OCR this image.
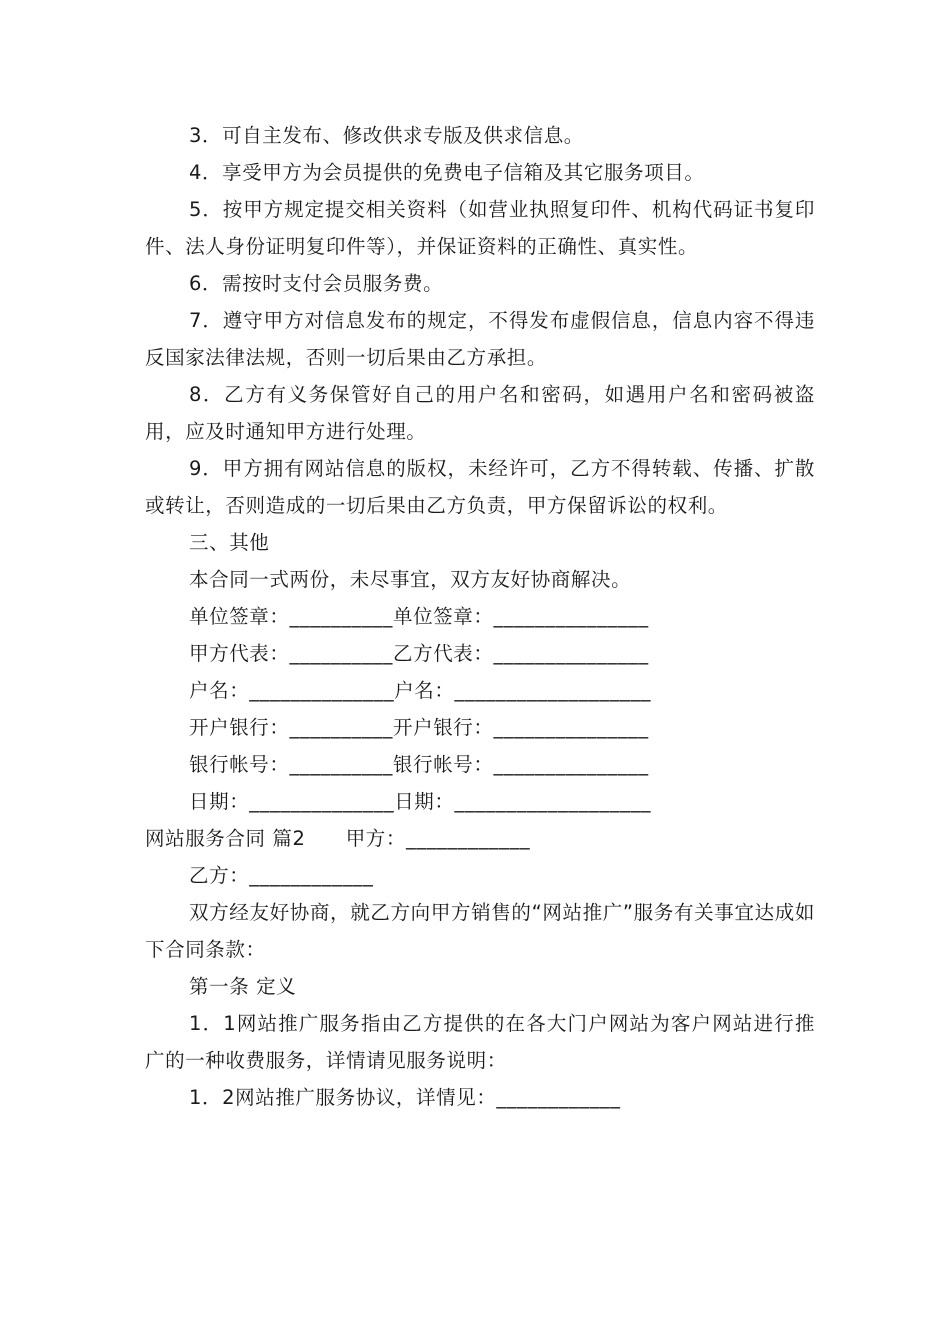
3．可自主发布、修改供求专版及供求信息。

4．享受甲方为会员提供的免费电子信箱及其它服务项目。

5．按甲方规定提交相关资料（如营业执照复印件、机构代码证书复印件、法人身份证明复印件等），并保证资料的正确性、真实性。

6．需按时支付会员服务费。

7．遵守甲方对信息发布的规定，不得发布虚假信息，信息内容不得违反国家法律法规，否则一切后果由乙方承担。

8．乙方有义务保管好自己的用户名和密码，如遇用户名和密码被盗用，应及时通知甲方进行处理。

9．甲方拥有网站信息的版权，未经许可，乙方不得转载、传播、扩散或转让，否则造成的一切后果由乙方负责，甲方保留诉讼的权利。

三、其他

本合同一式两份，未尽事宜，双方友好协商解决。

单位签章：__________单位签章：_______________

甲方代表：__________乙方代表：_______________

户名：______________户名：___________________

开户银行：__________开户银行：_______________

银行帐号：__________银行帐号：_______________

日期：______________日期：___________________

网站服务合同 篇2　　甲方：____________

乙方：____________

双方经友好协商，就乙方向甲方销售的“网站推广”服务有关事宜达成如下合同条款：

第一条 定义

1．1网站推广服务指由乙方提供的在各大门户网站为客户网站进行推广的一种收费服务，详情请见服务说明：

1．2网站推广服务协议，详情见：____________
